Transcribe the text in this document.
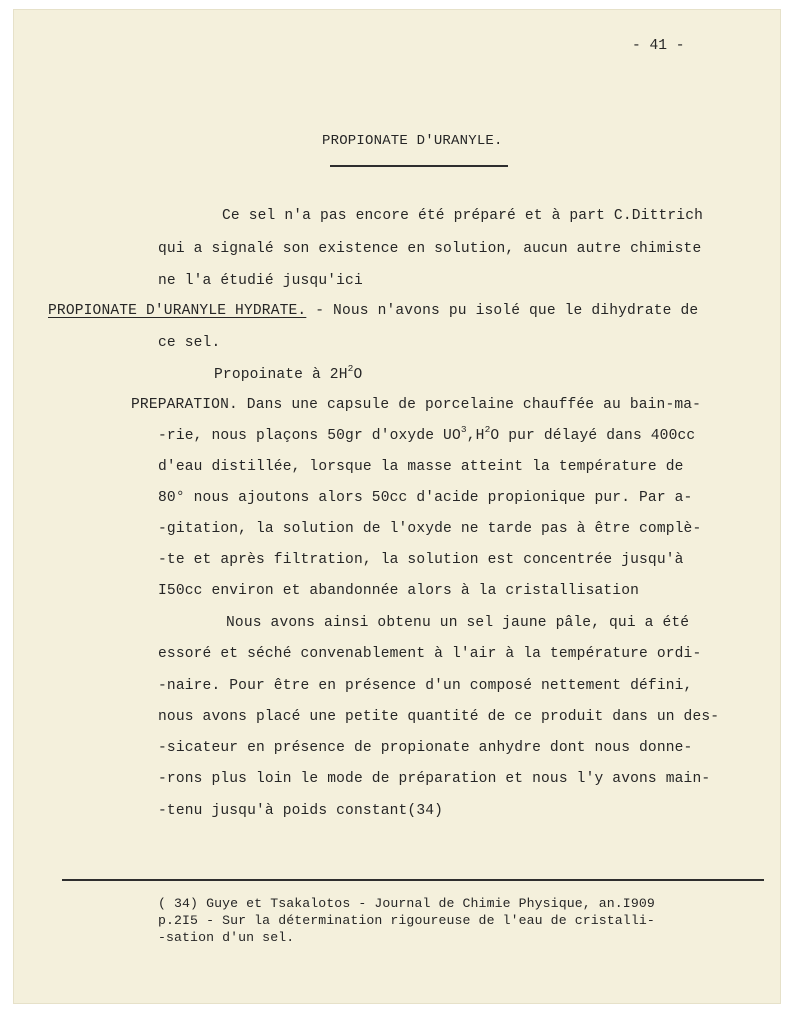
- 41 -
PROPIONATE D'URANYLE.
Ce sel n'a pas encore été préparé et à part C.Dittrich
qui a signalé son existence en solution, aucun autre chimiste
ne l'a étudié jusqu'ici
PROPIONATE D'URANYLE HYDRATE. - Nous n'avons pu isolé que le dihydrate de
ce sel.
Propoinate à $2H^2O$
PREPARATION. Dans une capsule de porcelaine chauffée au bain-ma-
-rie, nous plaçons 50gr d'oxyde $UO^3,H^2O$ pur délayé dans 400cc
d'eau distillée, lorsque la masse atteint la température de
80° nous ajoutons alors 50cc d'acide propionique pur. Par a-
-gitation, la solution de l'oxyde ne tarde pas à être complè-
-te et après filtration, la solution est concentrée jusqu'à
I50cc environ et abandonnée alors à la cristallisation
Nous avons ainsi obtenu un sel jaune pâle, qui a été
essoré et séché convenablement à l'air à la température ordi-
-naire. Pour être en présence d'un composé nettement défini,
nous avons placé une petite quantité de ce produit dans un des-
-sicateur en présence de propionate anhydre dont nous donne-
-rons plus loin le mode de préparation et nous l'y avons main-
-tenu jusqu'à poids constant(34)
( 34) Guye et Tsakalotos - Journal de Chimie Physique, an.I909
p.2I5 - Sur la détermination rigoureuse de l'eau de cristalli-
-sation d'un sel.
